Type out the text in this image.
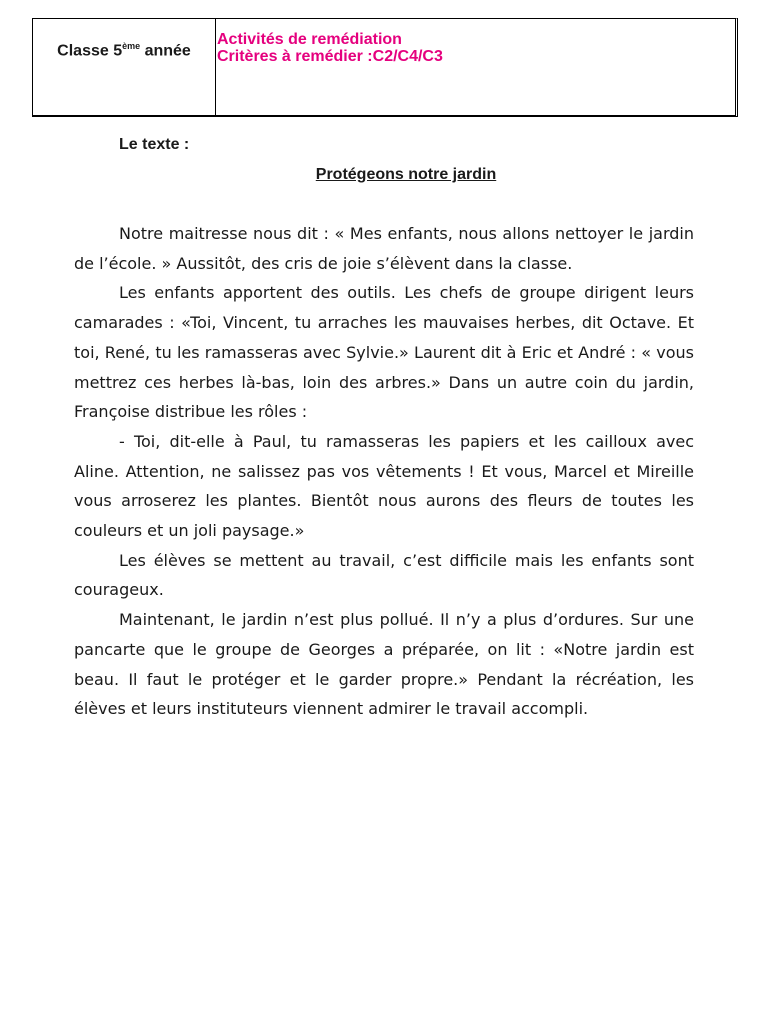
Classe 5ème année
Activités de remédiation
Critères à remédier :C2/C4/C3
Le texte :
Protégeons notre jardin

Notre maitresse nous dit : « Mes enfants, nous allons nettoyer le jardin de l’école. » Aussitôt, des cris de joie s’élèvent dans la classe.

Les enfants apportent des outils. Les chefs de groupe dirigent leurs camarades : «Toi, Vincent, tu arraches les mauvaises herbes, dit Octave. Et toi, René, tu les ramasseras avec Sylvie.» Laurent dit à Eric et André : « vous mettrez ces herbes là-bas, loin des arbres.» Dans un autre coin du jardin, Françoise distribue les rôles :

- Toi, dit-elle à Paul, tu ramasseras les papiers et les cailloux avec Aline. Attention, ne salissez pas vos vêtements ! Et vous, Marcel et Mireille vous arroserez les plantes. Bientôt nous aurons des fleurs de toutes les couleurs et un joli paysage.»

Les élèves se mettent au travail, c’est difficile mais les enfants sont courageux.

Maintenant, le jardin n’est plus pollué. Il n’y a plus d’ordures. Sur une pancarte que le groupe de Georges a préparée, on lit : «Notre jardin est beau. Il faut le protéger et le garder propre.» Pendant la récréation, les élèves et leurs instituteurs viennent admirer le travail accompli.
